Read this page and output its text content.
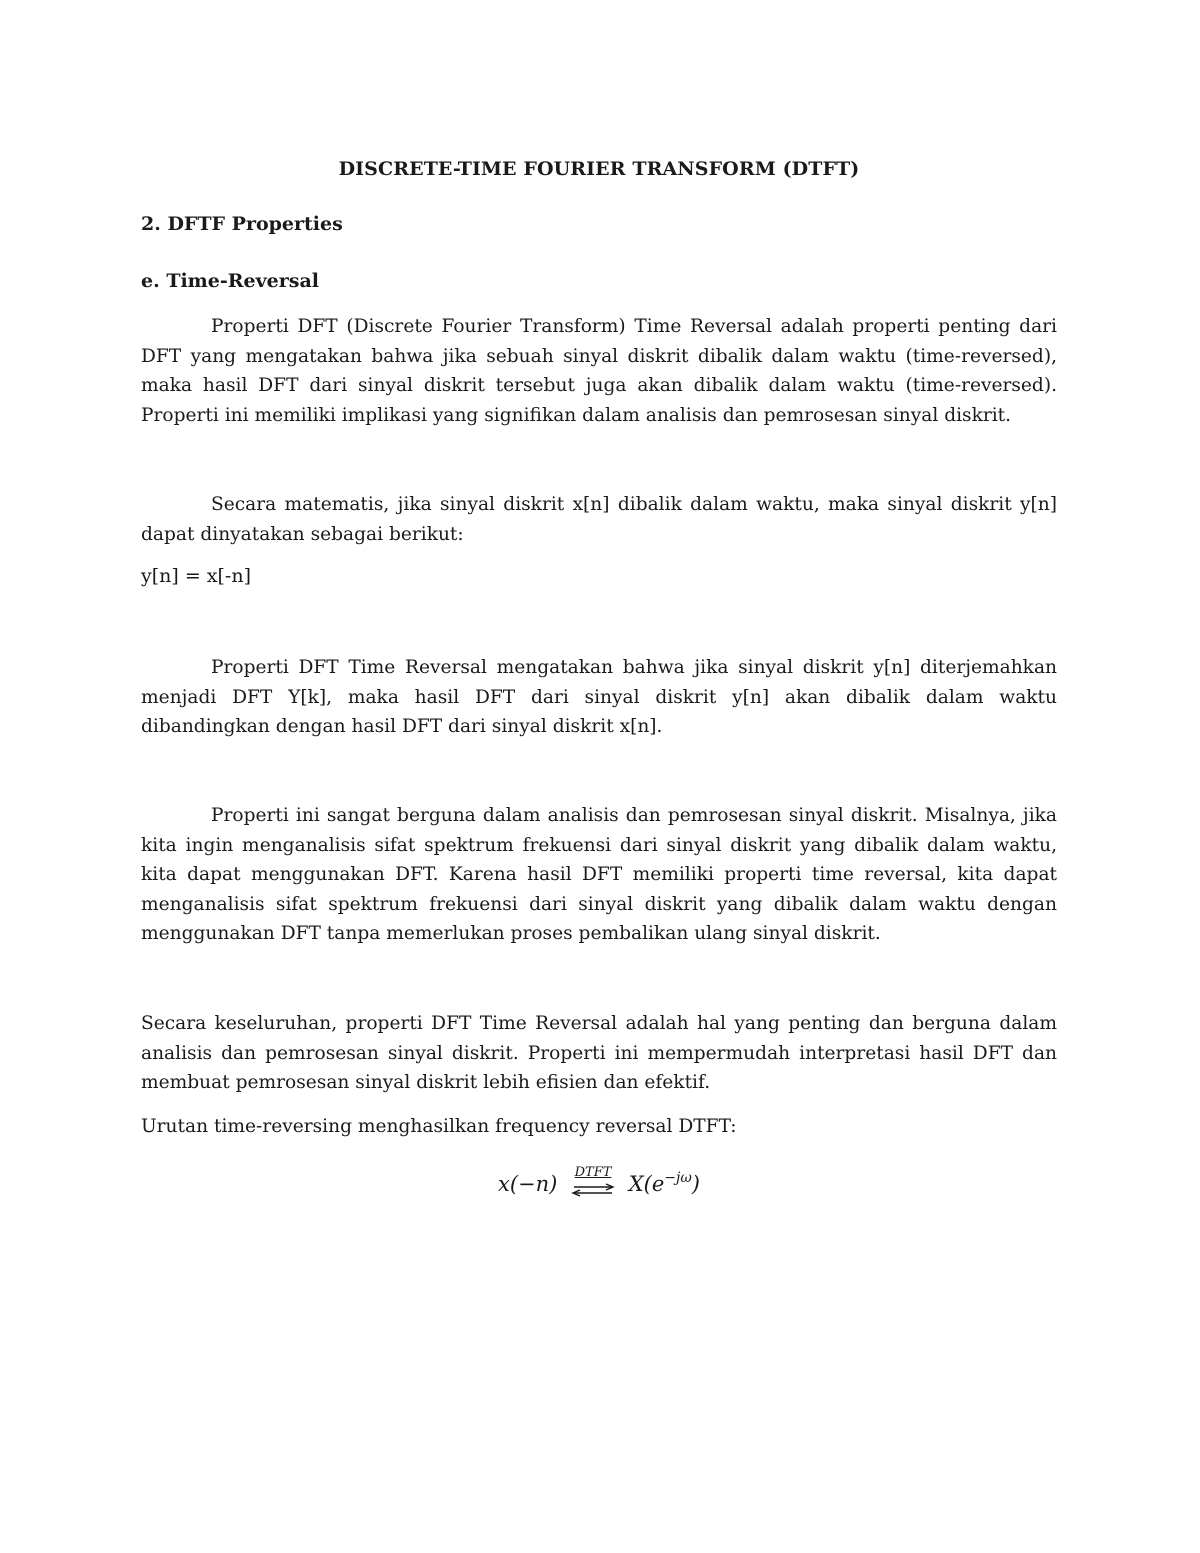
DISCRETE-TIME FOURIER TRANSFORM (DTFT)
2. DFTF Properties
e. Time-Reversal

Properti DFT (Discrete Fourier Transform) Time Reversal adalah properti penting dari DFT yang mengatakan bahwa jika sebuah sinyal diskrit dibalik dalam waktu (time-reversed), maka hasil DFT dari sinyal diskrit tersebut juga akan dibalik dalam waktu (time-reversed). Properti ini memiliki implikasi yang signifikan dalam analisis dan pemrosesan sinyal diskrit.

Secara matematis, jika sinyal diskrit x[n] dibalik dalam waktu, maka sinyal diskrit y[n] dapat dinyatakan sebagai berikut:

y[n] = x[-n]

Properti DFT Time Reversal mengatakan bahwa jika sinyal diskrit y[n] diterjemahkan menjadi DFT Y[k], maka hasil DFT dari sinyal diskrit y[n] akan dibalik dalam waktu dibandingkan dengan hasil DFT dari sinyal diskrit x[n].

Properti ini sangat berguna dalam analisis dan pemrosesan sinyal diskrit. Misalnya, jika kita ingin menganalisis sifat spektrum frekuensi dari sinyal diskrit yang dibalik dalam waktu, kita dapat menggunakan DFT. Karena hasil DFT memiliki properti time reversal, kita dapat menganalisis sifat spektrum frekuensi dari sinyal diskrit yang dibalik dalam waktu dengan menggunakan DFT tanpa memerlukan proses pembalikan ulang sinyal diskrit.

Secara keseluruhan, properti DFT Time Reversal adalah hal yang penting dan berguna dalam analisis dan pemrosesan sinyal diskrit. Properti ini mempermudah interpretasi hasil DFT dan membuat pemrosesan sinyal diskrit lebih efisien dan efektif.

Urutan time-reversing menghasilkan frequency reversal DTFT:

x(−n)	DTFT $X(e^{-j\omega})$
